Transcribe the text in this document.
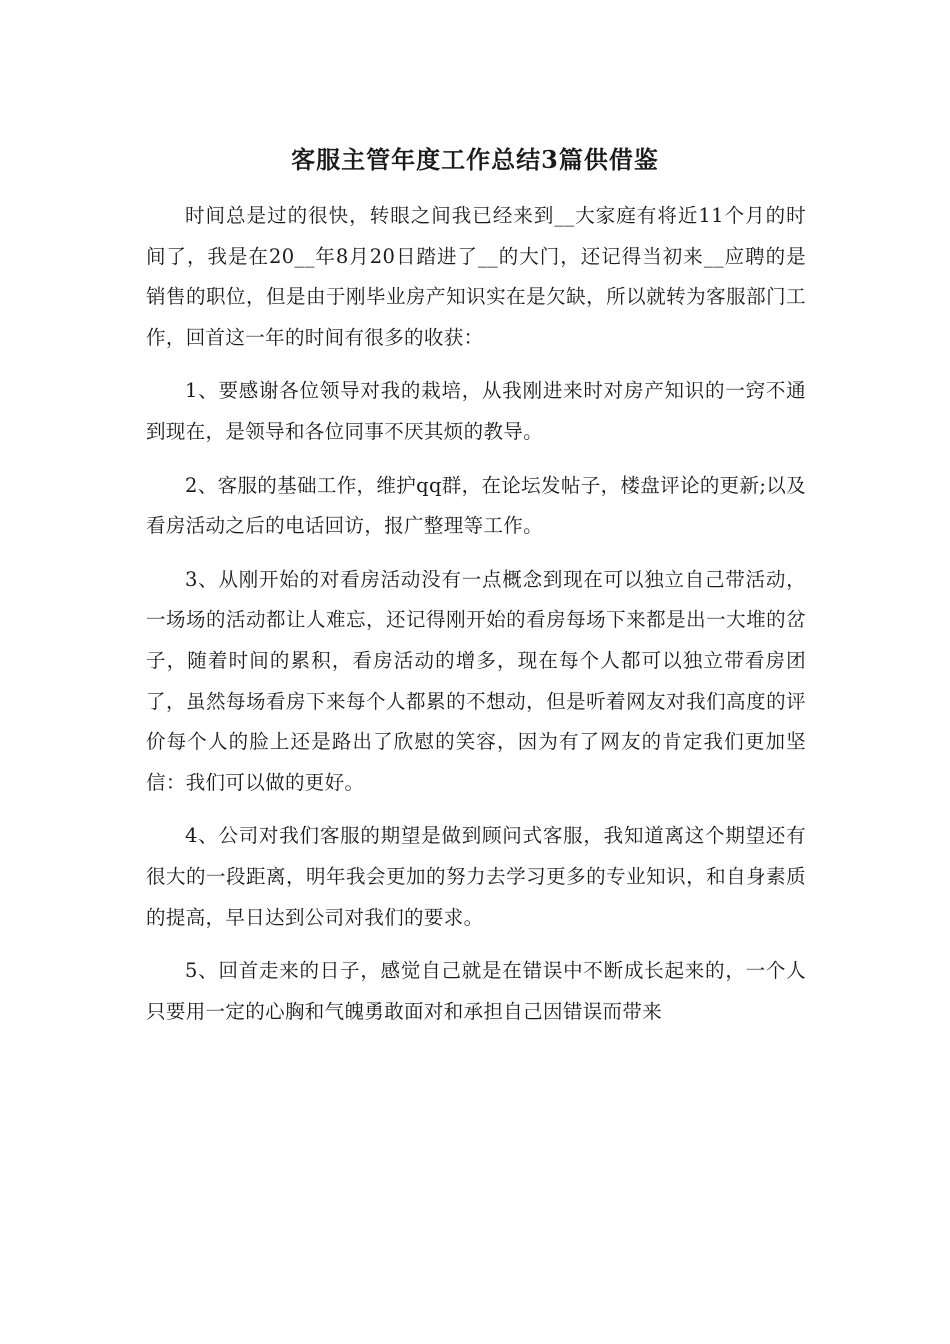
客服主管年度工作总结3篇供借鉴

时间总是过的很快，转眼之间我已经来到__大家庭有将近11个月的时间了，我是在20__年8月20日踏进了__的大门，还记得当初来__应聘的是销售的职位，但是由于刚毕业房产知识实在是欠缺，所以就转为客服部门工作，回首这一年的时间有很多的收获：

1、要感谢各位领导对我的栽培，从我刚进来时对房产知识的一窍不通到现在，是领导和各位同事不厌其烦的教导。

2、客服的基础工作，维护qq群，在论坛发帖子，楼盘评论的更新;以及看房活动之后的电话回访，报广整理等工作。

3、从刚开始的对看房活动没有一点概念到现在可以独立自己带活动，一场场的活动都让人难忘，还记得刚开始的看房每场下来都是出一大堆的岔子，随着时间的累积，看房活动的增多，现在每个人都可以独立带看房团了，虽然每场看房下来每个人都累的不想动，但是听着网友对我们高度的评价每个人的脸上还是路出了欣慰的笑容，因为有了网友的肯定我们更加坚信：我们可以做的更好。

4、公司对我们客服的期望是做到顾问式客服，我知道离这个期望还有很大的一段距离，明年我会更加的努力去学习更多的专业知识，和自身素质的提高，早日达到公司对我们的要求。

5、回首走来的日子，感觉自己就是在错误中不断成长起来的，一个人只要用一定的心胸和气魄勇敢面对和承担自己因错误而带来
